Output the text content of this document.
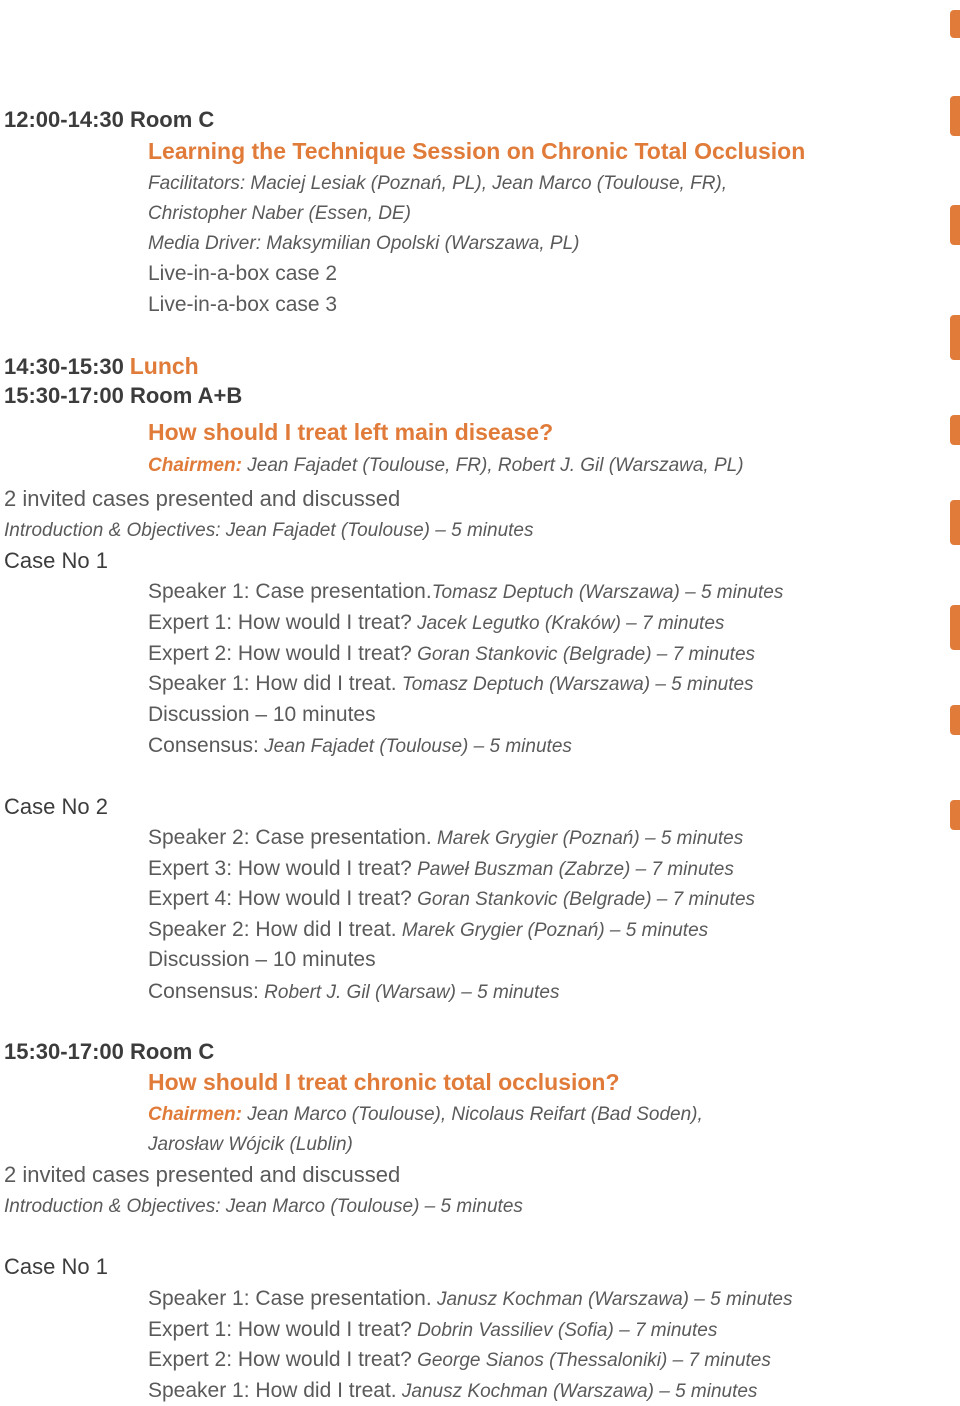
12:00-14:30 Room C
Learning the Technique Session on Chronic Total Occlusion
Facilitators: Maciej Lesiak (Poznań, PL), Jean Marco (Toulouse, FR),
Christopher Naber (Essen, DE)
Media Driver: Maksymilian Opolski (Warszawa, PL)
Live-in-a-box case 2
Live-in-a-box case 3
14:30-15:30 Lunch
15:30-17:00 Room A+B
How should I treat left main disease?
Chairmen: Jean Fajadet (Toulouse, FR), Robert J. Gil (Warszawa, PL)
2 invited cases presented and discussed
Introduction & Objectives: Jean Fajadet (Toulouse) – 5 minutes
Case No 1
Speaker 1: Case presentation.Tomasz Deptuch (Warszawa) – 5 minutes
Expert 1: How would I treat? Jacek Legutko (Kraków) – 7 minutes
Expert 2: How would I treat? Goran Stankovic (Belgrade) – 7 minutes
Speaker 1: How did I treat. Tomasz Deptuch (Warszawa) – 5 minutes
Discussion – 10 minutes
Consensus: Jean Fajadet (Toulouse) – 5 minutes
Case No 2
Speaker 2: Case presentation. Marek Grygier (Poznań) – 5 minutes
Expert 3: How would I treat? Paweł Buszman (Zabrze) – 7 minutes
Expert 4: How would I treat? Goran Stankovic (Belgrade) – 7 minutes
Speaker 2: How did I treat. Marek Grygier (Poznań) – 5 minutes
Discussion – 10 minutes
Consensus: Robert J. Gil (Warsaw) – 5 minutes
15:30-17:00 Room C
How should I treat chronic total occlusion?
Chairmen: Jean Marco (Toulouse), Nicolaus Reifart (Bad Soden),
Jarosław Wójcik (Lublin)
2 invited cases presented and discussed
Introduction & Objectives: Jean Marco (Toulouse) – 5 minutes
Case No 1
Speaker 1: Case presentation. Janusz Kochman (Warszawa) – 5 minutes
Expert 1: How would I treat? Dobrin Vassiliev (Sofia) – 7 minutes
Expert 2: How would I treat? George Sianos (Thessaloniki) – 7 minutes
Speaker 1: How did I treat. Janusz Kochman (Warszawa) – 5 minutes
